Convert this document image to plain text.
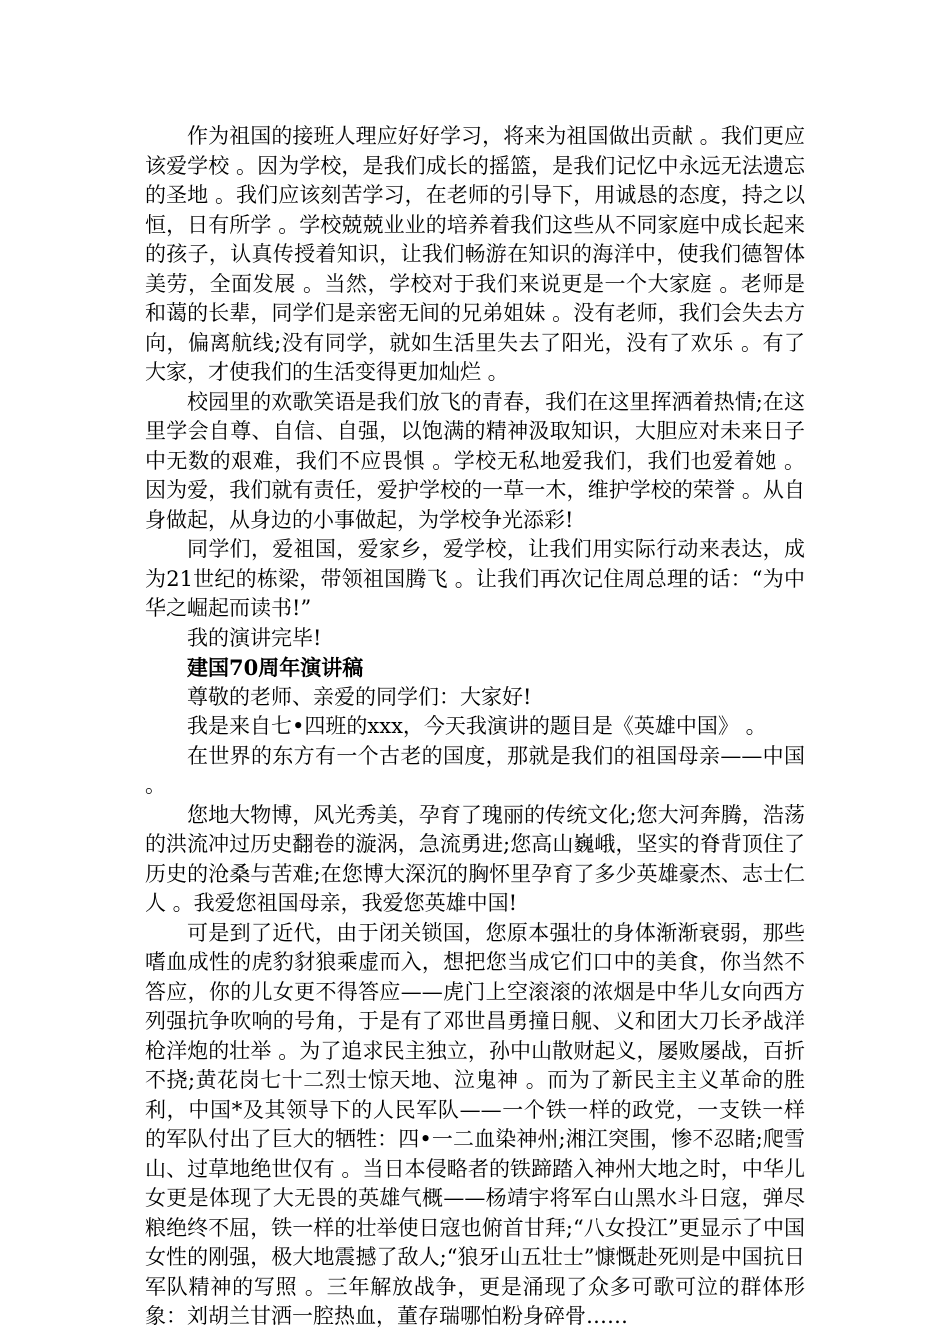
作为祖国的接班人理应好好学习，将来为祖国做出贡献 。我们更应该爱学校 。因为学校，是我们成长的摇篮，是我们记忆中永远无法遗忘的圣地 。我们应该刻苦学习，在老师的引导下，用诚恳的态度，持之以恒，日有所学 。学校兢兢业业的培养着我们这些从不同家庭中成长起来的孩子，认真传授着知识，让我们畅游在知识的海洋中，使我们德智体美劳，全面发展 。当然，学校对于我们来说更是一个大家庭 。老师是和蔼的长辈，同学们是亲密无间的兄弟姐妹 。没有老师，我们会失去方向，偏离航线;没有同学，就如生活里失去了阳光，没有了欢乐 。有了大家，才使我们的生活变得更加灿烂 。

校园里的欢歌笑语是我们放飞的青春，我们在这里挥洒着热情;在这里学会自尊、自信、自强，以饱满的精神汲取知识，大胆应对未来日子中无数的艰难，我们不应畏惧 。学校无私地爱我们，我们也爱着她 。因为爱，我们就有责任，爱护学校的一草一木，维护学校的荣誉 。从自身做起，从身边的小事做起，为学校争光添彩!

同学们，爱祖国，爱家乡，爱学校，让我们用实际行动来表达，成为21世纪的栋梁，带领祖国腾飞 。让我们再次记住周总理的话：“为中华之崛起而读书!”

我的演讲完毕!

建国70周年演讲稿

尊敬的老师、亲爱的同学们：大家好!

我是来自七•四班的xxx，今天我演讲的题目是《英雄中国》 。

在世界的东方有一个古老的国度，那就是我们的祖国母亲——中国 。

您地大物博，风光秀美，孕育了瑰丽的传统文化;您大河奔腾，浩荡的洪流冲过历史翻卷的漩涡，急流勇进;您高山巍峨，坚实的脊背顶住了历史的沧桑与苦难;在您博大深沉的胸怀里孕育了多少英雄豪杰、志士仁人 。我爱您祖国母亲，我爱您英雄中国!

可是到了近代，由于闭关锁国，您原本强壮的身体渐渐衰弱，那些嗜血成性的虎豹豺狼乘虚而入，想把您当成它们口中的美食，你当然不答应，你的儿女更不得答应——虎门上空滚滚的浓烟是中华儿女向西方列强抗争吹响的号角，于是有了邓世昌勇撞日舰、义和团大刀长矛战洋枪洋炮的壮举 。为了追求民主独立，孙中山散财起义，屡败屡战，百折不挠;黄花岗七十二烈士惊天地、泣鬼神 。而为了新民主主义革命的胜利，中国*及其领导下的人民军队——一个铁一样的政党，一支铁一样的军队付出了巨大的牺牲：四•一二血染神州;湘江突围，惨不忍睹;爬雪山、过草地绝世仅有 。当日本侵略者的铁蹄踏入神州大地之时，中华儿女更是体现了大无畏的英雄气概——杨靖宇将军白山黑水斗日寇，弹尽粮绝终不屈，铁一样的壮举使日寇也俯首甘拜;“八女投江”更显示了中国女性的刚强，极大地震撼了敌人;“狼牙山五壮士”慷慨赴死则是中国抗日军队精神的写照 。三年解放战争，更是涌现了众多可歌可泣的群体形象：刘胡兰甘洒一腔热血，董存瑞哪怕粉身碎骨……
